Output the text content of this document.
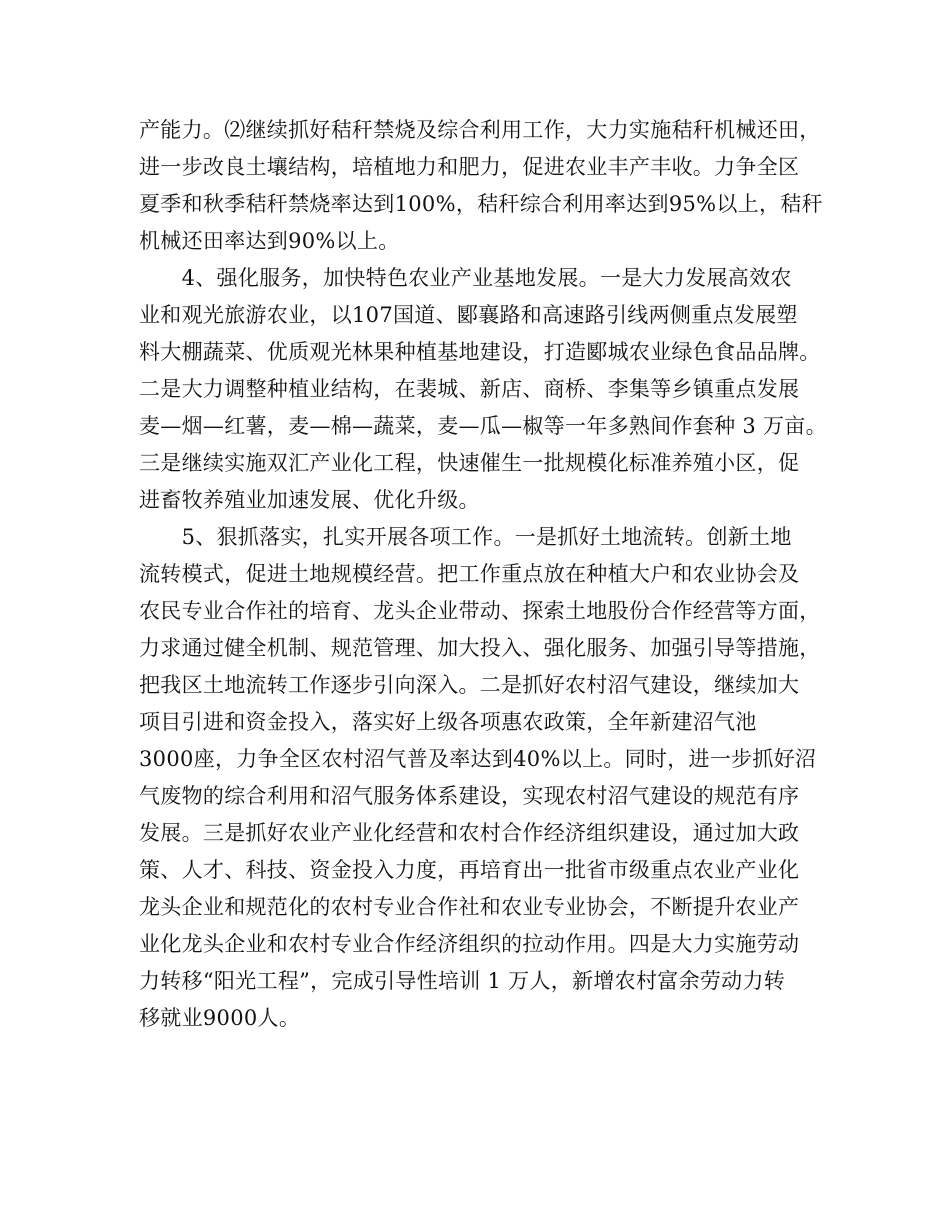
产能力。⑵继续抓好秸秆禁烧及综合利用工作，大力实施秸秆机械还田，
进一步改良土壤结构，培植地力和肥力，促进农业丰产丰收。力争全区
夏季和秋季秸秆禁烧率达到100%，秸秆综合利用率达到95%以上，秸秆
机械还田率达到90%以上。
　　4、强化服务，加快特色农业产业基地发展。一是大力发展高效农
业和观光旅游农业，以107国道、郾襄路和高速路引线两侧重点发展塑
料大棚蔬菜、优质观光林果种植基地建设，打造郾城农业绿色食品品牌。
二是大力调整种植业结构，在裴城、新店、商桥、李集等乡镇重点发展
麦—烟—红薯，麦—棉—蔬菜，麦—瓜—椒等一年多熟间作套种 3 万亩。
三是继续实施双汇产业化工程，快速催生一批规模化标准养殖小区，促
进畜牧养殖业加速发展、优化升级。
　　5、狠抓落实，扎实开展各项工作。一是抓好土地流转。创新土地
流转模式，促进土地规模经营。把工作重点放在种植大户和农业协会及
农民专业合作社的培育、龙头企业带动、探索土地股份合作经营等方面，
力求通过健全机制、规范管理、加大投入、强化服务、加强引导等措施，
把我区土地流转工作逐步引向深入。二是抓好农村沼气建设，继续加大
项目引进和资金投入，落实好上级各项惠农政策，全年新建沼气池
3000座，力争全区农村沼气普及率达到40%以上。同时，进一步抓好沼
气废物的综合利用和沼气服务体系建设，实现农村沼气建设的规范有序
发展。三是抓好农业产业化经营和农村合作经济组织建设，通过加大政
策、人才、科技、资金投入力度，再培育出一批省市级重点农业产业化
龙头企业和规范化的农村专业合作社和农业专业协会，不断提升农业产
业化龙头企业和农村专业合作经济组织的拉动作用。四是大力实施劳动
力转移“阳光工程”，完成引导性培训 1 万人，新增农村富余劳动力转
移就业9000人。
